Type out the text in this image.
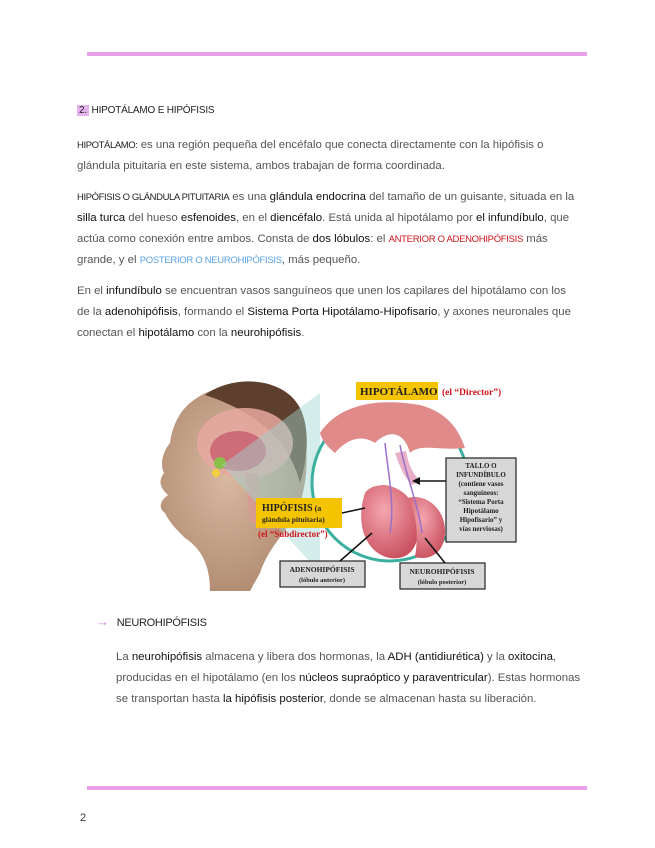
2. HIPOTÁLAMO E HIPÓFISIS

HIPOTÁLAMO: es una región pequeña del encéfalo que conecta directamente con la hipófisis o glándula pituitaria en este sistema, ambos trabajan de forma coordinada.

HIPÓFISIS O GLÁNDULA PITUITARIA es una glándula endocrina del tamaño de un guisante, situada en la silla turca del hueso esfenoides, en el diencéfalo. Está unida al hipotálamo por el infundíbulo, que actúa como conexión entre ambos. Consta de dos lóbulos: el ANTERIOR O ADENOHIPÓFISIS más grande, y el POSTERIOR O NEUROHIPÓFISIS, más pequeño.

En el infundíbulo se encuentran vasos sanguíneos que unen los capilares del hipotálamo con los de la adenohipófisis, formando el Sistema Porta Hipotálamo-Hipofisario, y axones neuronales que conectan el hipotálamo con la neurohipófisis.

HIPOTÁLAMO (el “Director”)
HIPÓFISIS (a
glándula pituitaria)
(el “Subdirector”)
TALLO O
INFUNDÍBULO
(contiene vasos
sanguíneos:
“Sistema Porta
Hipotálamo
Hipofisario” y
vías nerviosas)
ADENOHIPÓFISIS
(lóbulo anterior)
NEUROHIPÓFISIS
(lóbulo posterior)
→ NEUROHIPÓFISIS
La neurohipófisis almacena y libera dos hormonas, la ADH (antidiurética) y la oxitocina, producidas en el hipotálamo (en los núcleos supraóptico y paraventricular). Estas hormonas se transportan hasta la hipófisis posterior, donde se almacenan hasta su liberación.
2
